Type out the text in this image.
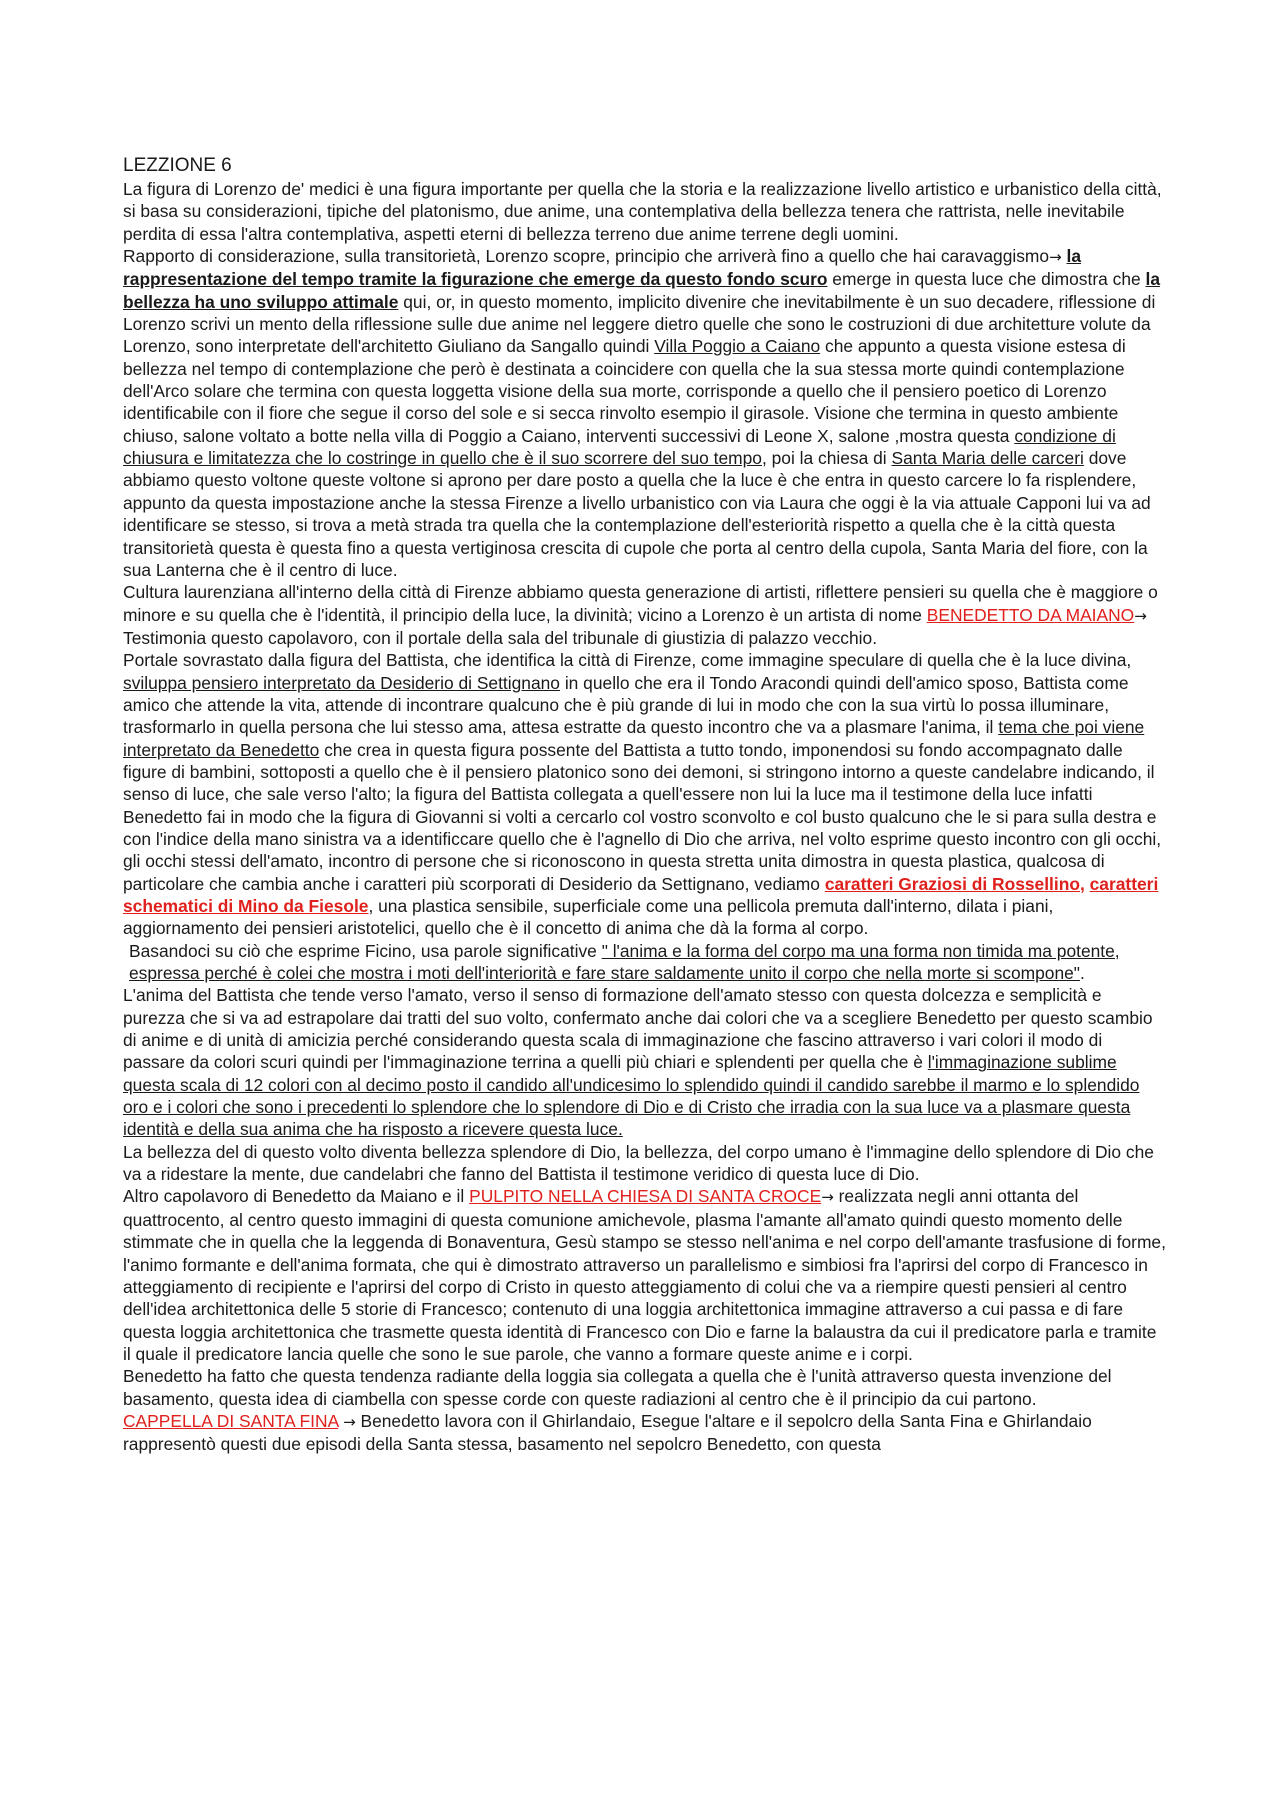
LEZZIONE 6

La figura di Lorenzo de' medici è una figura importante per quella che la storia e la realizzazione livello artistico e urbanistico della città, si basa su considerazioni, tipiche del platonismo, due anime, una contemplativa della bellezza tenera che rattrista, nelle inevitabile perdita di essa l'altra contemplativa, aspetti eterni di bellezza terreno due anime terrene degli uomini.

Rapporto di considerazione, sulla transitorietà, Lorenzo scopre, principio che arriverà fino a quello che hai caravaggismo→ la rappresentazione del tempo tramite la figurazione che emerge da questo fondo scuro emerge in questa luce che dimostra che la bellezza ha uno sviluppo attimale qui, or, in questo momento, implicito divenire che inevitabilmente è un suo decadere, riflessione di Lorenzo scrivi un mento della riflessione sulle due anime nel leggere dietro quelle che sono le costruzioni di due architetture volute da Lorenzo, sono interpretate dell'architetto Giuliano da Sangallo quindi Villa Poggio a Caiano che appunto a questa visione estesa di bellezza nel tempo di contemplazione che però è destinata a coincidere con quella che la sua stessa morte quindi contemplazione dell'Arco solare che termina con questa loggetta visione della sua morte, corrisponde a quello che il pensiero poetico di Lorenzo identificabile con il fiore che segue il corso del sole e si secca rinvolto esempio il girasole. Visione che termina in questo ambiente chiuso, salone voltato a botte nella villa di Poggio a Caiano, interventi successivi di Leone X, salone ,mostra questa condizione di chiusura e limitatezza che lo costringe in quello che è il suo scorrere del suo tempo, poi la chiesa di Santa Maria delle carceri dove abbiamo questo voltone queste voltone si aprono per dare posto a quella che la luce è che entra in questo carcere lo fa risplendere, appunto da questa impostazione anche la stessa Firenze a livello urbanistico con via Laura che oggi è la via attuale Capponi lui va ad identificare se stesso, si trova a metà strada tra quella che la contemplazione dell'esteriorità rispetto a quella che è la città questa transitorietà questa è questa fino a questa vertiginosa crescita di cupole che porta al centro della cupola, Santa Maria del fiore, con la sua Lanterna che è il centro di luce.

Cultura laurenziana all'interno della città di Firenze abbiamo questa generazione di artisti, riflettere pensieri su quella che è maggiore o minore e su quella che è l'identità, il principio della luce, la divinità; vicino a Lorenzo è un artista di nome BENEDETTO DA MAIANO→ Testimonia questo capolavoro, con il portale della sala del tribunale di giustizia di palazzo vecchio.

Portale sovrastato dalla figura del Battista, che identifica la città di Firenze, come immagine speculare di quella che è la luce divina, sviluppa pensiero interpretato da Desiderio di Settignano in quello che era il Tondo Aracondi quindi dell'amico sposo, Battista come amico che attende la vita, attende di incontrare qualcuno che è più grande di lui in modo che con la sua virtù lo possa illuminare, trasformarlo in quella persona che lui stesso ama, attesa estratte da questo incontro che va a plasmare l'anima, il tema che poi viene interpretato da Benedetto che crea in questa figura possente del Battista a tutto tondo, imponendosi su fondo accompagnato dalle figure di bambini, sottoposti a quello che è il pensiero platonico sono dei demoni, si stringono intorno a queste candelabre indicando, il senso di luce, che sale verso l'alto; la figura del Battista collegata a quell'essere non lui la luce ma il testimone della luce infatti Benedetto fai in modo che la figura di Giovanni si volti a cercarlo col vostro sconvolto e col busto qualcuno che le si para sulla destra e con l'indice della mano sinistra va a identificcare quello che è l'agnello di Dio che arriva, nel volto esprime questo incontro con gli occhi, gli occhi stessi dell'amato, incontro di persone che si riconoscono in questa stretta unita dimostra in questa plastica, qualcosa di particolare che cambia anche i caratteri più scorporati di Desiderio da Settignano, vediamo caratteri Graziosi di Rossellino, caratteri schematici di Mino da Fiesole, una plastica sensibile, superficiale come una pellicola premuta dall'interno, dilata i piani, aggiornamento dei pensieri aristotelici, quello che è il concetto di anima che dà la forma al corpo.

Basandoci su ciò che esprime Ficino, usa parole significative " l'anima e la forma del corpo ma una forma non timida ma potente, espressa perché è colei che mostra i moti dell'interiorità e fare stare saldamente unito il corpo che nella morte si scompone".

L'anima del Battista che tende verso l'amato, verso il senso di formazione dell'amato stesso con questa dolcezza e semplicità e purezza che si va ad estrapolare dai tratti del suo volto, confermato anche dai colori che va a scegliere Benedetto per questo scambio di anime e di unità di amicizia perché considerando questa scala di immaginazione che fascino attraverso i vari colori il modo di passare da colori scuri quindi per l'immaginazione terrina a quelli più chiari e splendenti per quella che è l'immaginazione sublime questa scala di 12 colori con al decimo posto il candido all'undicesimo lo splendido quindi il candido sarebbe il marmo e lo splendido oro e i colori che sono i precedenti lo splendore che lo splendore di Dio e di Cristo che irradia con la sua luce va a plasmare questa identità e della sua anima che ha risposto a ricevere questa luce.

La bellezza del di questo volto diventa bellezza splendore di Dio, la bellezza, del corpo umano è l'immagine dello splendore di Dio che va a ridestare la mente, due candelabri che fanno del Battista il testimone veridico di questa luce di Dio.

Altro capolavoro di Benedetto da Maiano e il PULPITO NELLA CHIESA DI SANTA CROCE→ realizzata negli anni ottanta del quattrocento, al centro questo immagini di questa comunione amichevole, plasma l'amante all'amato quindi questo momento delle stimmate che in quella che la leggenda di Bonaventura, Gesù stampo se stesso nell'anima e nel corpo dell'amante trasfusione di forme, l'animo formante e dell'anima formata, che qui è dimostrato attraverso un parallelismo e simbiosi fra l'aprirsi del corpo di Francesco in atteggiamento di recipiente e l'aprirsi del corpo di Cristo in questo atteggiamento di colui che va a riempire questi pensieri al centro dell'idea architettonica delle 5 storie di Francesco; contenuto di una loggia architettonica immagine attraverso a cui passa e di fare questa loggia architettonica che trasmette questa identità di Francesco con Dio e farne la balaustra da cui il predicatore parla e tramite il quale il predicatore lancia quelle che sono le sue parole, che vanno a formare queste anime e i corpi.

Benedetto ha fatto che questa tendenza radiante della loggia sia collegata a quella che è l'unità attraverso questa invenzione del basamento, questa idea di ciambella con spesse corde con queste radiazioni al centro che è il principio da cui partono.

CAPPELLA DI SANTA FINA → Benedetto lavora con il Ghirlandaio, Esegue l'altare e il sepolcro della Santa Fina e Ghirlandaio rappresentò questi due episodi della Santa stessa, basamento nel sepolcro Benedetto, con questa
